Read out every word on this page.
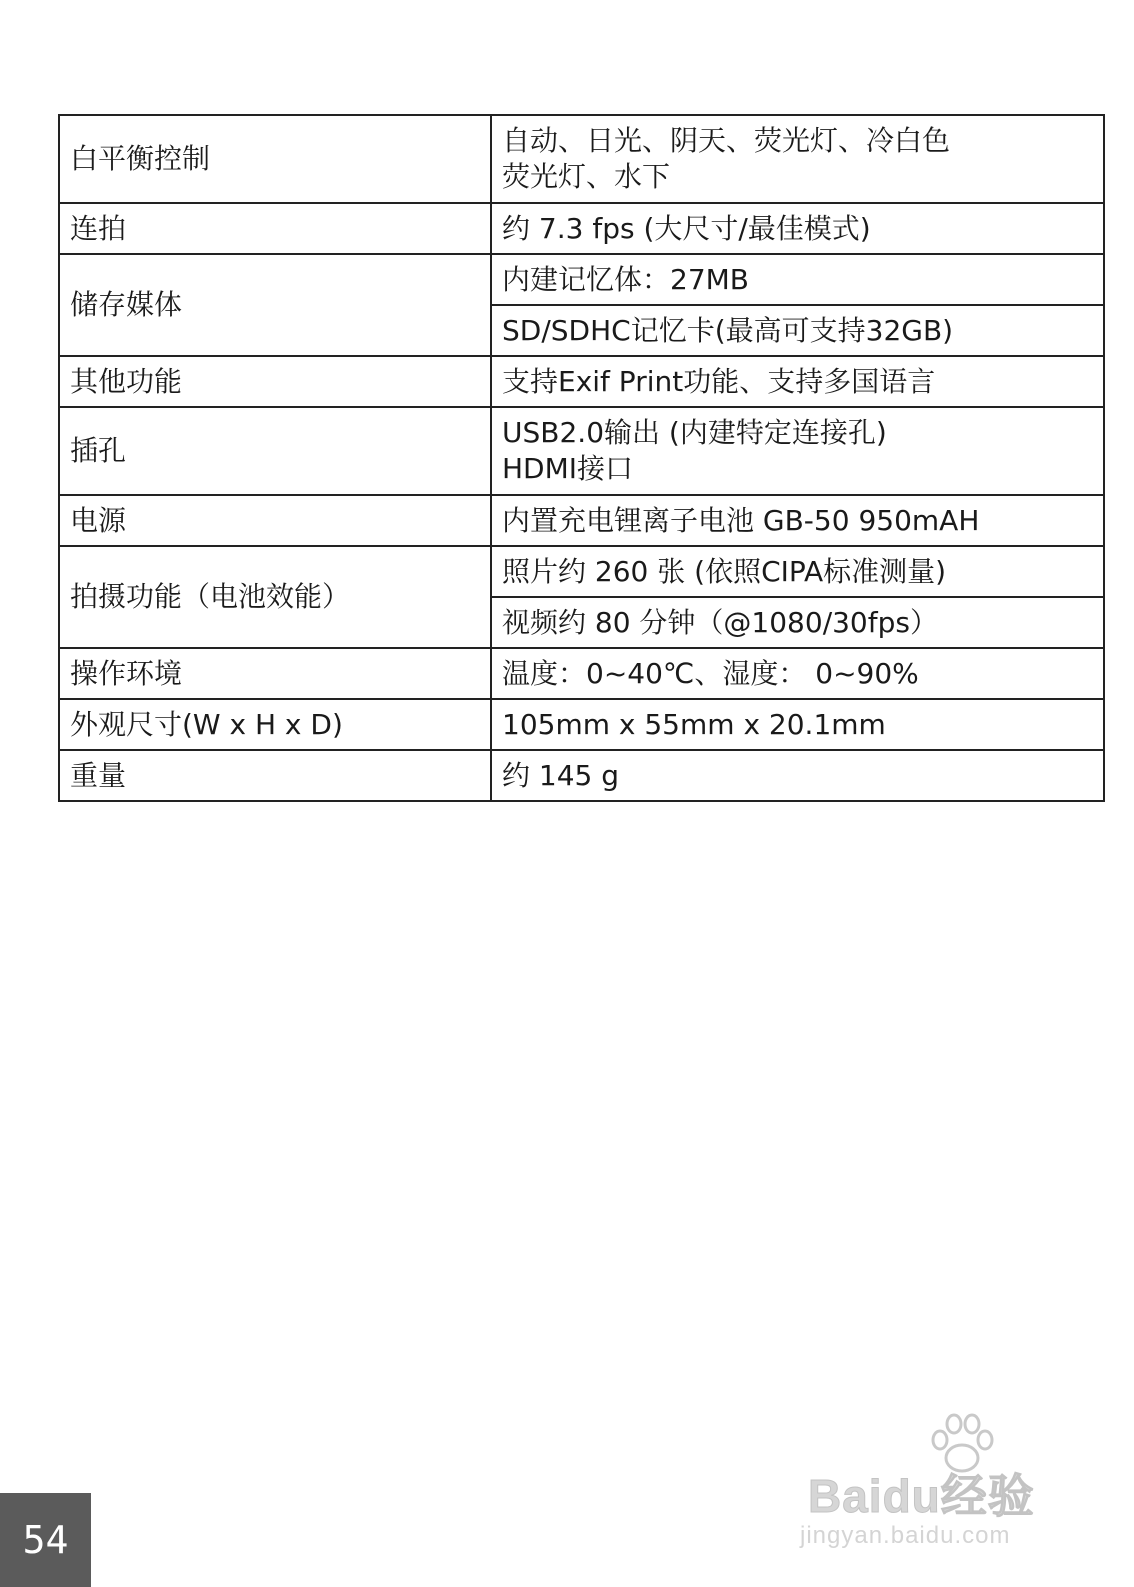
白平衡控制	自动、日光、阴天、荧光灯、冷白色
荧光灯、水下
连拍	约 7.3 fps (大尺寸/最佳模式)
储存媒体	内建记忆体：27MB
	SD/SDHC记忆卡(最高可支持32GB)
其他功能	支持Exif Print功能、支持多国语言
插孔	USB2.0输出 (内建特定连接孔)
HDMI接口
电源	内置充电锂离子电池 GB-50 950mAH
拍摄功能（电池效能）	照片约 260 张 (依照CIPA标准测量)
	视频约 80 分钟（@1080/30fps）
操作环境	温度：0~40℃、湿度： 0~90%
外观尺寸(W x H x D)	105mm x 55mm x 20.1mm
重量	约 145 g
54
Baidu经验
jingyan.baidu.com
